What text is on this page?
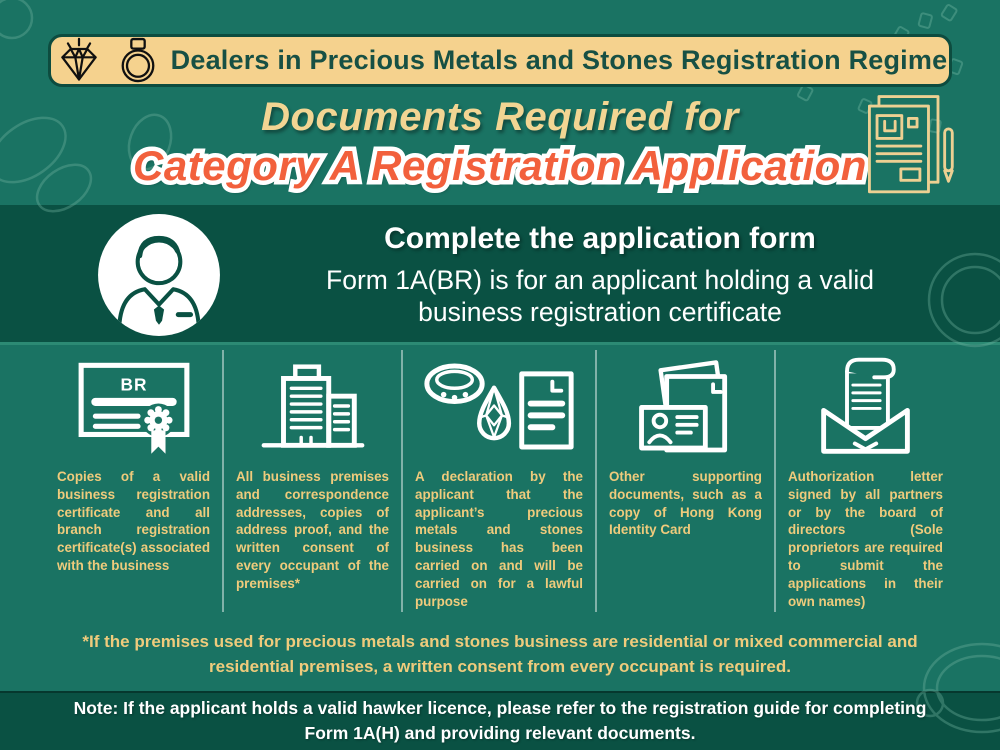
Dealers in Precious Metals and Stones Registration Regime
Documents Required for
Category A Registration Application Category A Registration Application
Complete the application form
Form 1A(BR) is for an applicant holding a valid business registration certificate
BR

Copies of a valid business registration certificate and all branch registration certificate(s) associated with the business

All business premises and correspondence addresses, copies of address proof, and the written consent of every occupant of the premises*

A declaration by the applicant that the applicant’s precious metals and stones business has been carried on and will be carried on for a lawful purpose

Other supporting documents, such as a copy of Hong Kong Identity Card

Authorization letter signed by all partners or by the board of directors (Sole proprietors are required to submit the applications in their own names)

*If the premises used for precious metals and stones business are residential or mixed commercial and residential premises, a written consent from every occupant is required.
Note: If the applicant holds a valid hawker licence, please refer to the registration guide for completing Form 1A(H) and providing relevant documents.
